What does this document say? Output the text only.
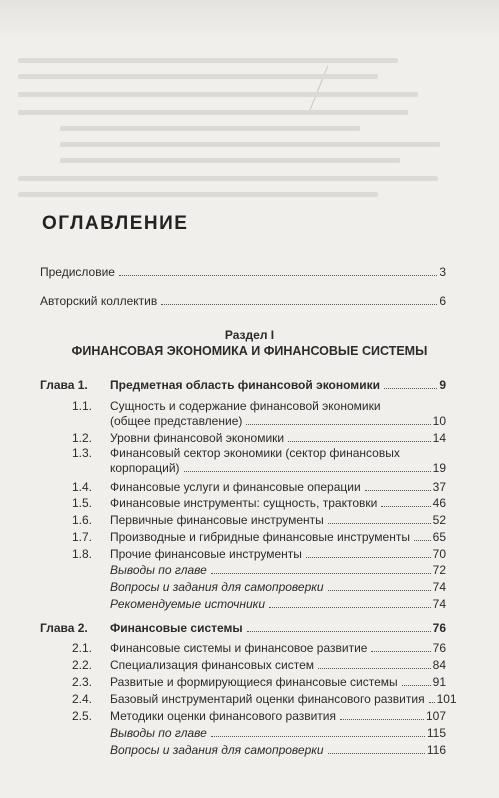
ОГЛАВЛЕНИЕ
Предисловие	3
Авторский коллектив	6
Раздел I
ФИНАНСОВАЯ ЭКОНОМИКА И ФИНАНСОВЫЕ СИСТЕМЫ
Глава 1. Предметная область финансовой экономики	9
1.1. Сущность и содержание финансовой экономики
(общее представление)	10
1.2. Уровни финансовой экономики	14
1.3. Финансовый сектор экономики (сектор финансовых
корпораций)	19
1.4. Финансовые услуги и финансовые операции	37
1.5. Финансовые инструменты: сущность, трактовки	46
1.6. Первичные финансовые инструменты	52
1.7. Производные и гибридные финансовые инструменты 65
1.8. Прочие финансовые инструменты	70
Выводы по главе	72
Вопросы и задания для самопроверки	74
Рекомендуемые источники	74
Глава 2. Финансовые системы	76
2.1. Финансовые системы и финансовое развитие	76
2.2. Специализация финансовых систем	84
2.3. Развитые и формирующиеся финансовые системы	91
2.4. Базовый инструментарий оценки финансового развития 101
2.5. Методики оценки финансового развития	107
Выводы по главе	115
Вопросы и задания для самопроверки	116
